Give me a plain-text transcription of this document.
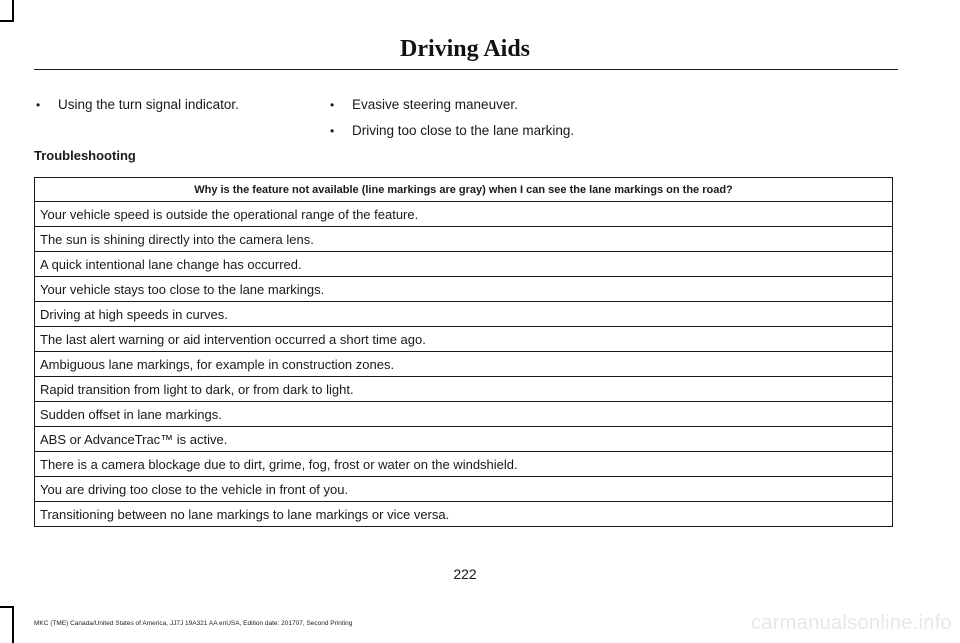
Driving Aids
•	Using the turn signal indicator.	•	Evasive steering maneuver.
•	Driving too close to the lane marking.
Troubleshooting
Why is the feature not available (line markings are gray) when I can see the lane markings on the road?
Your vehicle speed is outside the operational range of the feature.
The sun is shining directly into the camera lens.
A quick intentional lane change has occurred.
Your vehicle stays too close to the lane markings.
Driving at high speeds in curves.
The last alert warning or aid intervention occurred a short time ago.
Ambiguous lane markings, for example in construction zones.
Rapid transition from light to dark, or from dark to light.
Sudden offset in lane markings.
ABS or AdvanceTrac™ is active.
There is a camera blockage due to dirt, grime, fog, frost or water on the windshield.
You are driving too close to the vehicle in front of you.
Transitioning between no lane markings to lane markings or vice versa.
222
MKC (TME) Canada/United States of America, JJ7J 19A321 AA enUSA, Edition date: 201707, Second Printing	carmanualsonline.info
